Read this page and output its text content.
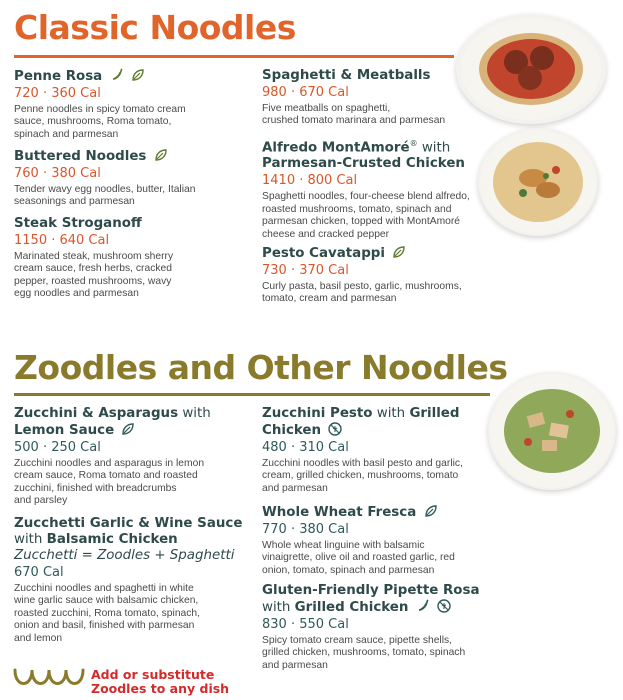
Classic Noodles
Penne Rosa
720 · 360 Cal
Penne noodles in spicy tomato cream
sauce, mushrooms, Roma tomato,
spinach and parmesan
Buttered Noodles
760 · 380 Cal
Tender wavy egg noodles, butter, Italian
seasonings and parmesan
Steak Stroganoff
1150 · 640 Cal
Marinated steak, mushroom sherry
cream sauce, fresh herbs, cracked
pepper, roasted mushrooms, wavy
egg noodles and parmesan
Spaghetti & Meatballs
980 · 670 Cal
Five meatballs on spaghetti,
crushed tomato marinara and parmesan
Alfredo MontAmoré® with
Parmesan-Crusted Chicken
1410 · 800 Cal
Spaghetti noodles, four-cheese blend alfredo,
roasted mushrooms, tomato, spinach and
parmesan chicken, topped with MontAmoré
cheese and cracked pepper
Pesto Cavatappi
730 · 370 Cal
Curly pasta, basil pesto, garlic, mushrooms,
tomato, cream and parmesan
Zoodles and Other Noodles
Zucchini & Asparagus with
Lemon Sauce
500 · 250 Cal
Zucchini noodles and asparagus in lemon
cream sauce, Roma tomato and roasted
zucchini, finished with breadcrumbs
and parsley
Zucchetti Garlic & Wine Sauce
with Balsamic Chicken
Zucchetti = Zoodles + Spaghetti
670 Cal
Zucchini noodles and spaghetti in white
wine garlic sauce with balsamic chicken,
roasted zucchini, Roma tomato, spinach,
onion and basil, finished with parmesan
and lemon
Zucchini Pesto with Grilled
Chicken
480 · 310 Cal
Zucchini noodles with basil pesto and garlic,
cream, grilled chicken, mushrooms, tomato
and parmesan
Whole Wheat Fresca
770 · 380 Cal
Whole wheat linguine with balsamic
vinaigrette, olive oil and roasted garlic, red
onion, tomato, spinach and parmesan
Gluten-Friendly Pipette Rosa
with Grilled Chicken
830 · 550 Cal
Spicy tomato cream sauce, pipette shells,
grilled chicken, mushrooms, tomato, spinach
and parmesan
Add or substitute
Zoodles to any dish
